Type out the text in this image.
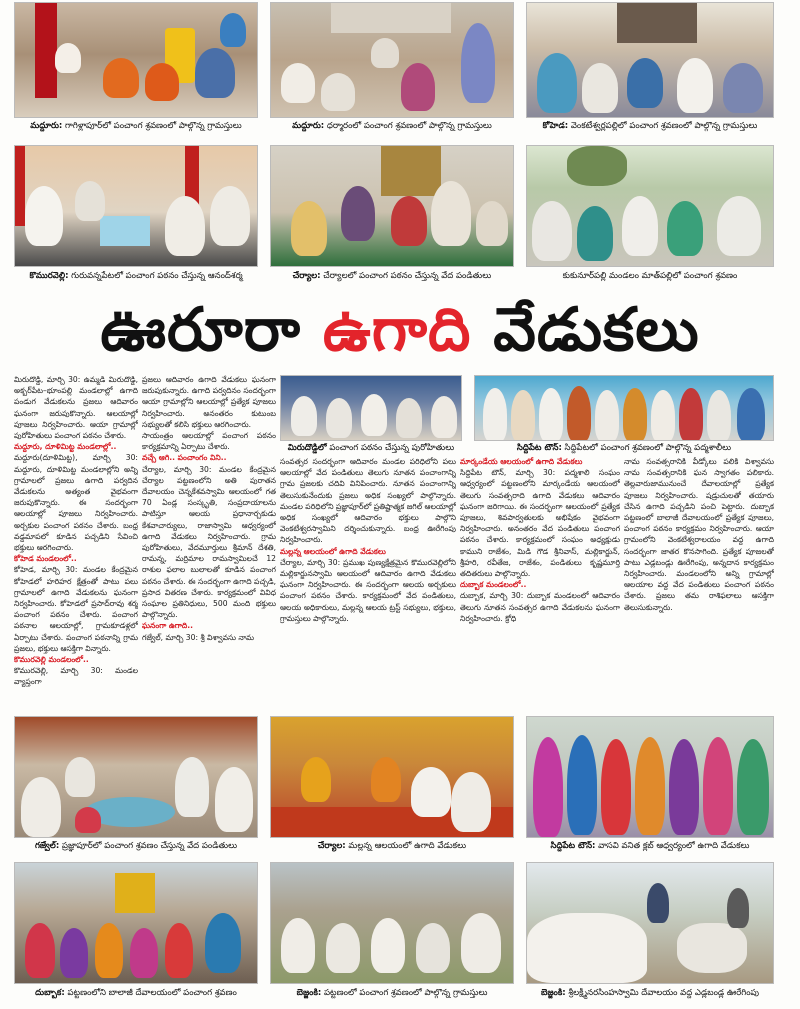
మద్దూరు: గాగిళ్లాపూర్‌లో పంచాంగ శ్రవణంలో పాల్గొన్న గ్రామస్తులు	మద్దూరు: ధర్మారంలో పంచాంగ శ్రవణంలో పాల్గొన్న గ్రామస్తులు	కోహెడ: వెంకటేశ్వర్లపల్లిలో పంచాంగ శ్రవణంలో పాల్గొన్న గ్రామస్తులు
కొమురవెల్లి: గురువన్నపేటలో పంచాంగ పఠనం చేస్తున్న ఆనంద్‌శర్మ	చేర్యాల: చేర్యాలలో పంచాంగ పఠనం చేస్తున్న వేద పండితులు	కుకునూర్‌పల్లి మండలం మాత్‌పల్లిలో పంచాంగ శ్రవణం
ఊరూరా ఉగాది వేడుకలు

మిరుదొడ్డి, మార్చి 30: ఉమ్మడి మిరుదొడ్డి, అక్బర్‌పేట–భూంపల్లి మండలాల్లో ఉగాది పండుగ వేడుకలను ప్రజలు ఆదివారం ఘనంగా జరుపుకొన్నారు. ఆలయాల్లో పూజలు నిర్వహించారు. ఆయా గ్రామాల్లో పురోహితులు పంచాంగ పఠనం చేశారు.

మద్దూరు, దూళిమిట్ట మండలాల్లో..

మద్దూరు(దూళిమిట్ట), మార్చి 30: మద్దూరు, దూళిమిట్ట మండలాల్లోని అన్ని గ్రామాలలో ప్రజలు ఉగాది పర్వదిన వేడుకలను అత్యంత వైభవంగా జరుపుకొన్నారు. ఈ సందర్భంగా ఆలయాల్లో పూజలు నిర్వహించారు. అర్చకుల పంచాంగ పఠనం చేశారు. బంధ్ర వడ్డమాపలో కూడిన పచ్చడిని సేవించి భక్తులు ఆరగించారు.

కోహెడ మండలంలో..

కోహెడ, మార్చి 30: మండల కేంద్రమైన కోహెడలో హరిహర క్షేత్రంతో పాటు పలు గ్రామాలలో ఉగాది వేడుకలను ఘనంగా నిర్వహించారు. కోహెడలో ప్రసాద్‌రావు శర్మ పంచాంగ పఠనం చేశారు. పంచాంగ పఠనాల ఆలయాల్లో, గ్రామకూడళ్లలో ఏర్పాటు చేశారు. పంచాంగ పఠనాన్ని గ్రామ ప్రజలు, భక్తులు ఆసక్తిగా విన్నారు.

కొమురవెల్లి మండలంలో..

కొమురవెల్లి, మార్చి 30: మండల వ్యాప్తంగా

ప్రజలు ఆదివారం ఉగాది వేడుకలు ఘనంగా జరుపుకున్నారు. ఉగాది పర్వదినం సందర్భంగా ఆయా గ్రామాల్లోని ఆలయాల్లో ప్రత్యేక పూజలు నిర్వహించారు. అనంతరం కుటుంబ సభ్యులతో కలిసి భక్తులు ఆరగించారు.

సాయంత్రం ఆలయాల్లో పంచాంగ పఠనం కార్యక్రమాన్ని ఏర్పాటు చేశారు.

వచ్చే ఆగి.. పంచాంగం విని..

చేర్యాల, మార్చి 30: మండల కేంద్రమైన చేర్యాల పట్టణంలోని అతి పురాతన దేవాలయం చెన్నకేశవస్వామి ఆలయంలో గత 70 ఏండ్ల సంస్కృతి, సంప్రదాయాలను పాటిస్తూ ఆలయ ప్రధానార్చకుడు కేశవాచార్యులు, రాజాస్వామి ఆధ్వర్యంలో ఉగాది వేడుకలు నిర్వహించారు. గ్రామ పురోహితులు, వేదమూర్తులు శ్రీమాన్ దేశతి, రామన్న, మర్రిమాల రామస్వామిలచే 12 రాశుల ఫలాల బులాలతో కూడిన పంచాంగ పఠనం చేశారు. ఈ సందర్భంగా ఉగాది పచ్చడి, ప్రసాద వితరణ చేశారు. కార్యక్రమంలో వివిధ సంఘాల ప్రతినిధులు, 500 మంది భక్తులు పాల్గొన్నారు.

ఘనంగా ఉగాది..

గజ్వేల్, మార్చి 30: శ్రీ విశ్వావసు నామ

మిరుదొడ్డిలో పంచాంగ పఠనం చేస్తున్న పురోహితులు	సిద్దిపేట టౌన్: సిద్దిపేటలో పంచాంగ శ్రవణంలో పాల్గొన్న పద్మశాలీలు

సంవత్సర సందర్భంగా ఆదివారం మండల పరిధిలోని పలు ఆలయాల్లో వేద పండితులు తెలుగు నూతన పంచాంగాన్ని గ్రామ ప్రజలకు చదివి వినిపించారు. నూతన పంచాంగాన్ని తెలుసుకునేందుకు ప్రజలు అధిక సంఖ్యలో పాల్గొన్నారు. మండల పరిధిలోని ప్రజ్ఞాపూర్‌లో ప్రతిష్టాత్మక జగిల్ ఆలయాల్లో అధిక సంఖ్యలో ఆదివారం భక్తులు పాల్గొని వెంకటేశ్వరస్వామిని దర్శించుకున్నారు. బంధ్ర ఊరేగింపు నిర్వహించారు.

మల్లన్న ఆలయంలో ఉగాది వేడుకలు

చేర్యాల, మార్చి 30: ప్రముఖ పుణ్యక్షేత్రమైన కొమురవెల్లిలోని మల్లికార్జునస్వామి ఆలయంలో ఆదివారం ఉగాది వేడుకలు ఘనంగా నిర్వహించారు. ఈ సందర్భంగా ఆలయ అర్చకులు పంచాంగ పఠనం చేశారు. కార్యక్రమంలో వేద పండితులు, ఆలయ అధికారులు, మల్లన్న ఆలయ ట్రస్ట్ సభ్యులు, భక్తులు, గ్రామస్తులు పాల్గొన్నారు.

మార్కండేయ ఆలయంలో ఉగాది వేడుకలు

సిద్దిపేట టౌన్, మార్చి 30: పద్మశాలి సంఘం ఆధ్వర్యంలో పట్టణంలోని మార్కండేయ ఆలయంలో తెలుగు సంవత్సరాది ఉగాది వేడుకలు ఆదివారం ఘనంగా జరిగాయి. ఈ సందర్భంగా ఆలయంలో ప్రత్యేక పూజలు, శివపార్వతులకు అభిషేకం వైభవంగా నిర్వహించారు. అనంతరం వేద పండితులు పంచాంగ పఠనం చేశారు. కార్యక్రమంలో సంఘం అధ్యక్షుడు కాముని రాజేశం, మిడి గౌడ శ్రీనివాస్, మల్లికార్జున్, శ్రీహరి, రవీతేజ, రాజేశం, పండితులు కృష్ణమూర్తి తదితరులు పాల్గొన్నారు.

దుబ్బాక మండలంలో..

దుబ్బాక, మార్చి 30: దుబ్బాక మండలంలో ఆదివారం తెలుగు నూతన సంవత్సర ఉగాది వేడుకలను ఘనంగా నిర్వహించారు. క్రోధి

నామ సంవత్సరానికి వీడ్కోలు పలికి విశ్వావసు నామ సంవత్సరానికి ఘన స్వాగతం పలికారు. తెల్లవారుజామునుంచే దేవాలయాల్లో ప్రత్యేక పూజలు నిర్వహించారు. షడ్రుచులతో తయారు చేసిన ఉగాది పచ్చడిని పంచి పెట్టారు. దుబ్బాక పట్టణంలో బాలాజీ దేవాలయంలో ప్రత్యేక పూజలు, పంచాంగ పఠనం కార్యక్రమం నిర్వహించారు. ఆయా గ్రామంలోని వెంకటేశ్వరాలయం వద్ద ఉగాది సందర్భంగా జాతర కొనసాగింది. ప్రత్యేక పూజలతో పాటు ఎడ్లబండ్లు ఊరేగింపు, అన్నదాన కార్యక్రమం నిర్వహించారు. మండలంలోని అన్ని గ్రామాల్లో ఆలయాల వద్ద వేద పండితులు పంచాంగ పఠనం చేశారు. ప్రజలు తమ రాశిఫలాలు ఆసక్తిగా తెలుసుకున్నారు.

గజ్వేల్: ప్రజ్ఞాపూర్‌లో పంచాంగ శ్రవణం చేస్తున్న వేద పండితులు	చేర్యాల: మల్లన్న ఆలయంలో ఉగాది వేడుకలు	సిద్దిపేట టౌన్: వాసవి వనిత క్లబ్ ఆధ్వర్యంలో ఉగాది వేడుకలు
దుబ్బాక: పట్టణంలోని బాలాజీ దేవాలయంలో పంచాంగ శ్రవణం	బెజ్జంకి: పట్టణంలో పంచాంగ శ్రవణంలో పాల్గొన్న గ్రామస్తులు	బెజ్జంకి: శ్రీలక్ష్మీనరసింహస్వామి దేవాలయం వద్ద ఎడ్లబండ్ల ఊరేగింపు
